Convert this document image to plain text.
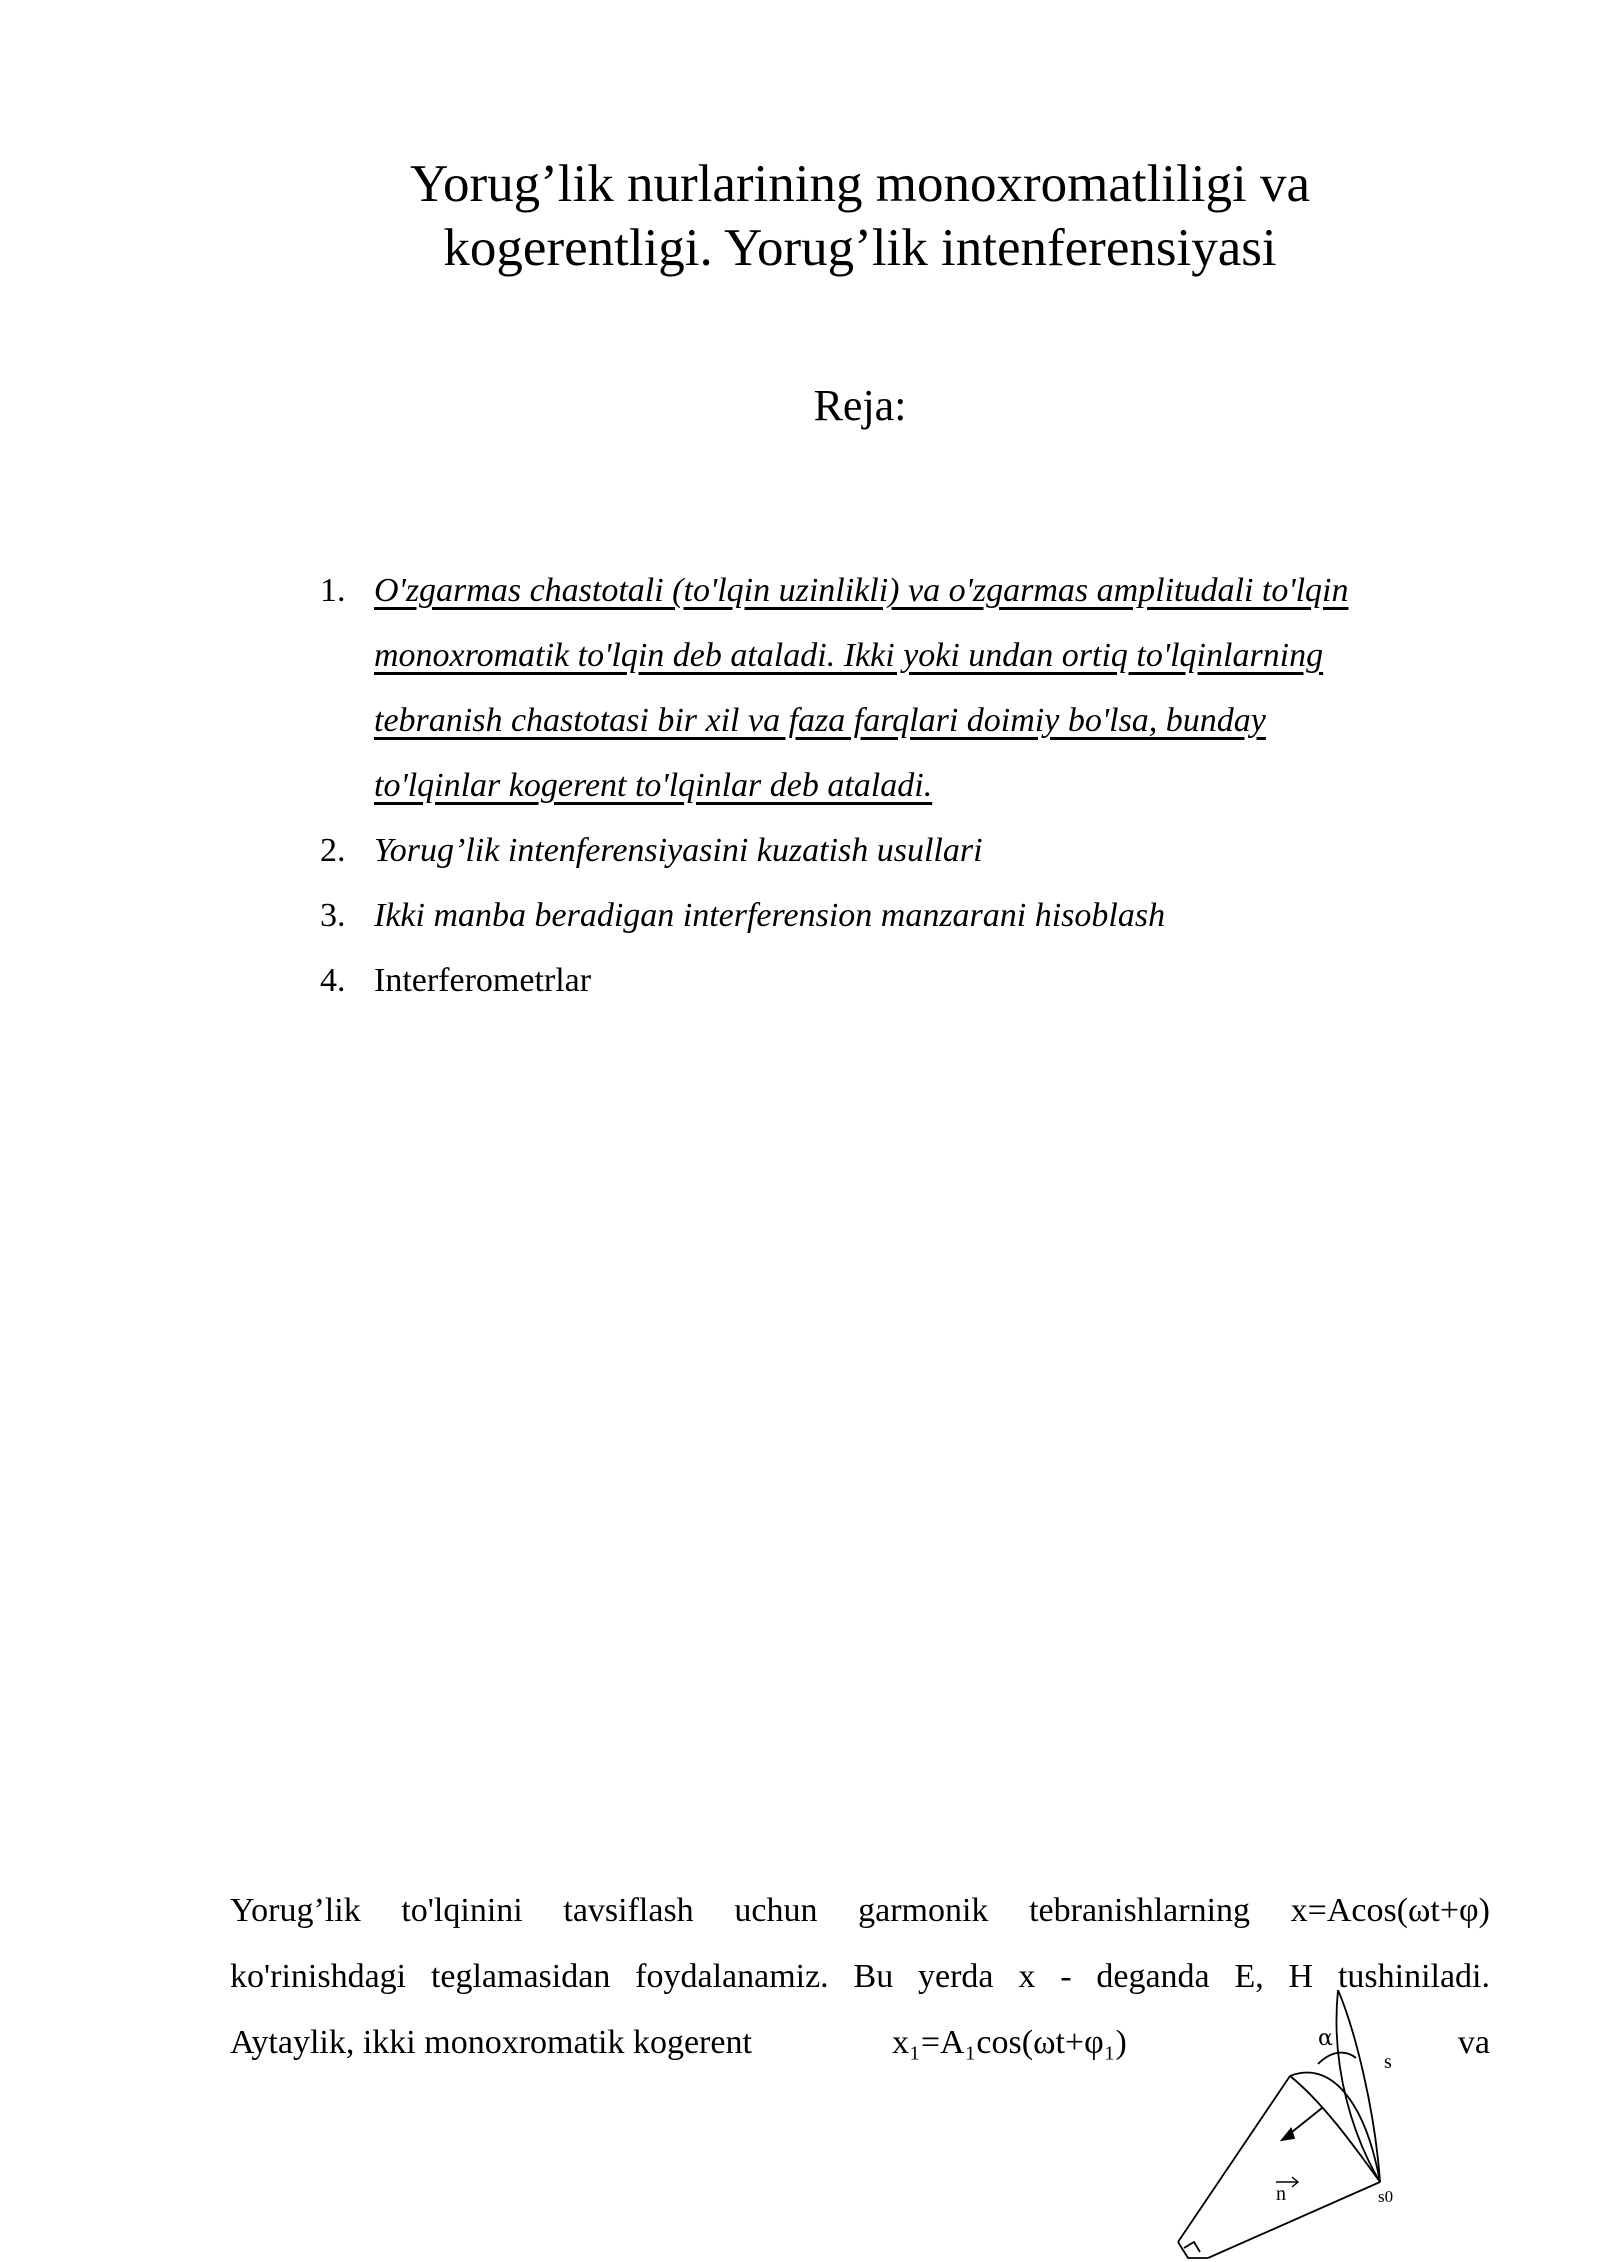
Yorug’lik nurlarining monoxromatliligi va
kogerentligi. Yorug’lik intenferensiyasi
Reja:
1. O'zgarmas chastotali (to'lqin uzinlikli) va o'zgarmas amplitudali to'lqin
monoxromatik to'lqin deb ataladi. Ikki yoki undan ortiq to'lqinlarning
tebranish chastotasi bir xil va faza farqlari doimiy bo'lsa, bunday
to'lqinlar kogerent to'lqinlar deb ataladi.
2. Yorug’lik intenferensiyasini kuzatish usullari
3. Ikki manba beradigan interferension manzarani hisoblash
4. Interferometrlar
Yorug’lik to'lqinini tavsiflash uchun garmonik tebranishlarning x=Acos(ωt+φ)
ko'rinishdagi teglamasidan foydalanamiz. Bu yerda x - deganda E, H tushiniladi.
Aytaylik, ikki monoxromatik kogerent	x₁=A₁cos(ωt+φ₁)	va
α
s
n	s0
